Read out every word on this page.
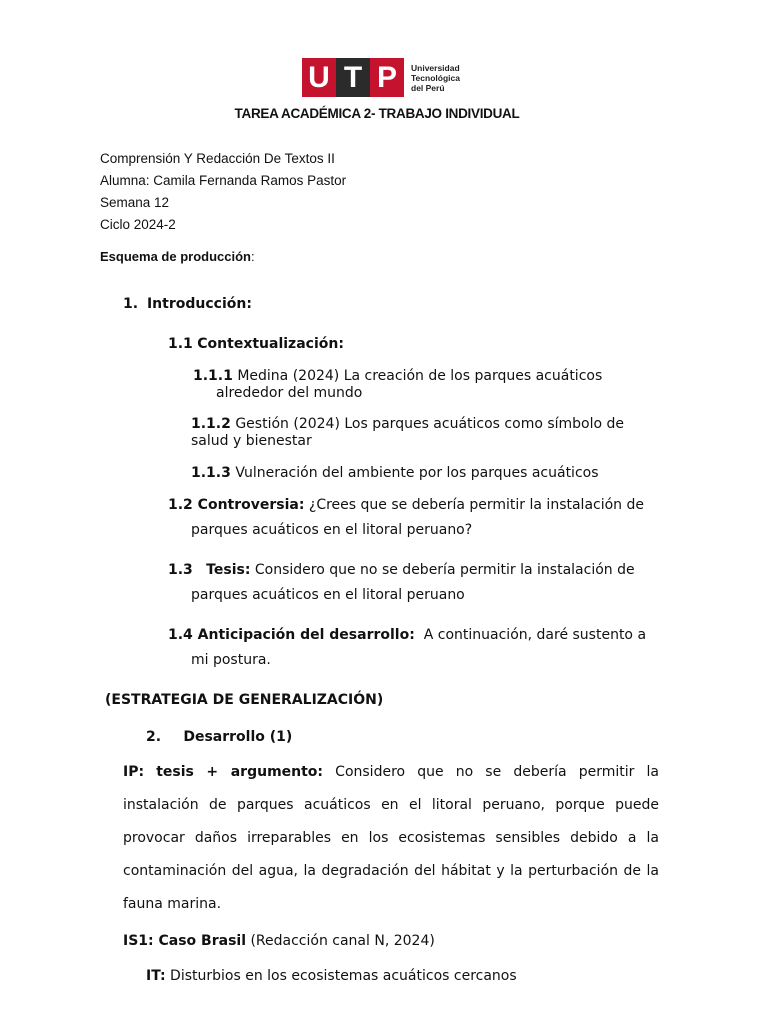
U T P	Universidad
Tecnológica
del Perú
TAREA ACADÉMICA 2- TRABAJO INDIVIDUAL
Comprensión Y Redacción De Textos II
Alumna: Camila Fernanda Ramos Pastor
Semana 12
Ciclo 2024-2
Esquema de producción:
1. Introducción:
1.1 Contextualización:
1.1.1 Medina (2024) La creación de los parques acuáticos
alrededor del mundo
1.1.2 Gestión (2024) Los parques acuáticos como símbolo de
salud y bienestar
1.1.3 Vulneración del ambiente por los parques acuáticos
1.2 Controversia: ¿Crees que se debería permitir la instalación de
parques acuáticos en el litoral peruano?
1.3 Tesis: Considero que no se debería permitir la instalación de
parques acuáticos en el litoral peruano
1.4 Anticipación del desarrollo: A continuación, daré sustento a
mi postura.
(ESTRATEGIA DE GENERALIZACIÓN)
2. Desarrollo (1)
IP: tesis + argumento: Considero que no se debería permitir la
instalación de parques acuáticos en el litoral peruano, porque puede
provocar daños irreparables en los ecosistemas sensibles debido a la
contaminación del agua, la degradación del hábitat y la perturbación de la
fauna marina.
IS1: Caso Brasil (Redacción canal N, 2024)
IT: Disturbios en los ecosistemas acuáticos cercanos
